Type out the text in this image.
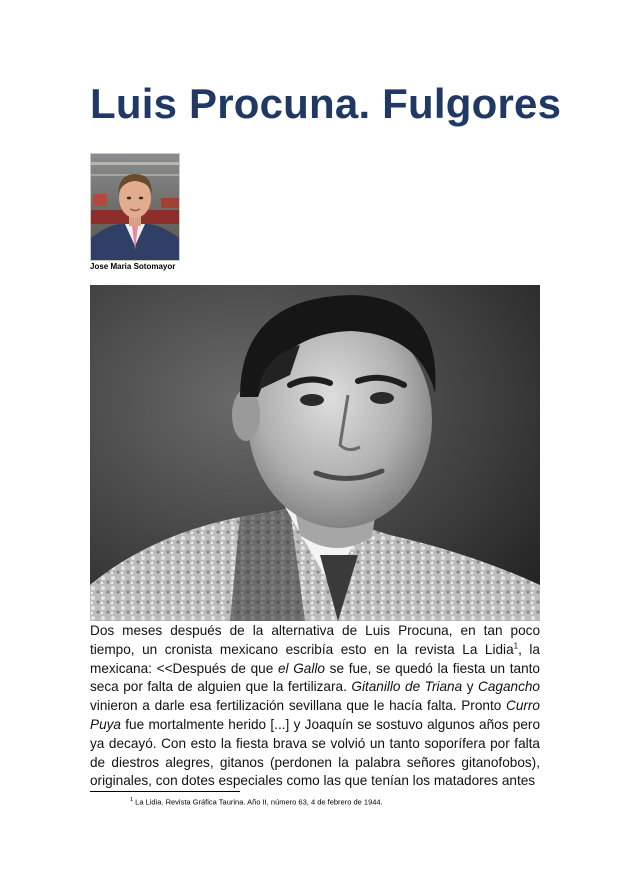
Luis Procuna. Fulgores
Jose Maria Sotomayor

Dos meses después de la alternativa de Luis Procuna, en tan poco tiempo, un cronista mexicano escribía esto en la revista La Lidia$^1$, la mexicana: <<Después de que el Gallo se fue, se quedó la fiesta un tanto seca por falta de alguien que la fertilizara. Gitanillo de Triana y Cagancho vinieron a darle esa fertilización sevillana que le hacía falta. Pronto Curro Puya fue mortalmente herido [...] y Joaquín se sostuvo algunos años pero ya decayó. Con esto la fiesta brava se volvió un tanto soporífera por falta de diestros alegres, gitanos (perdonen la palabra señores gitanofobos), originales, con dotes especiales como las que tenían los matadores antes

$^1$ La Lidia. Revista Gráfica Taurina. Año II, número 63, 4 de febrero de 1944.
